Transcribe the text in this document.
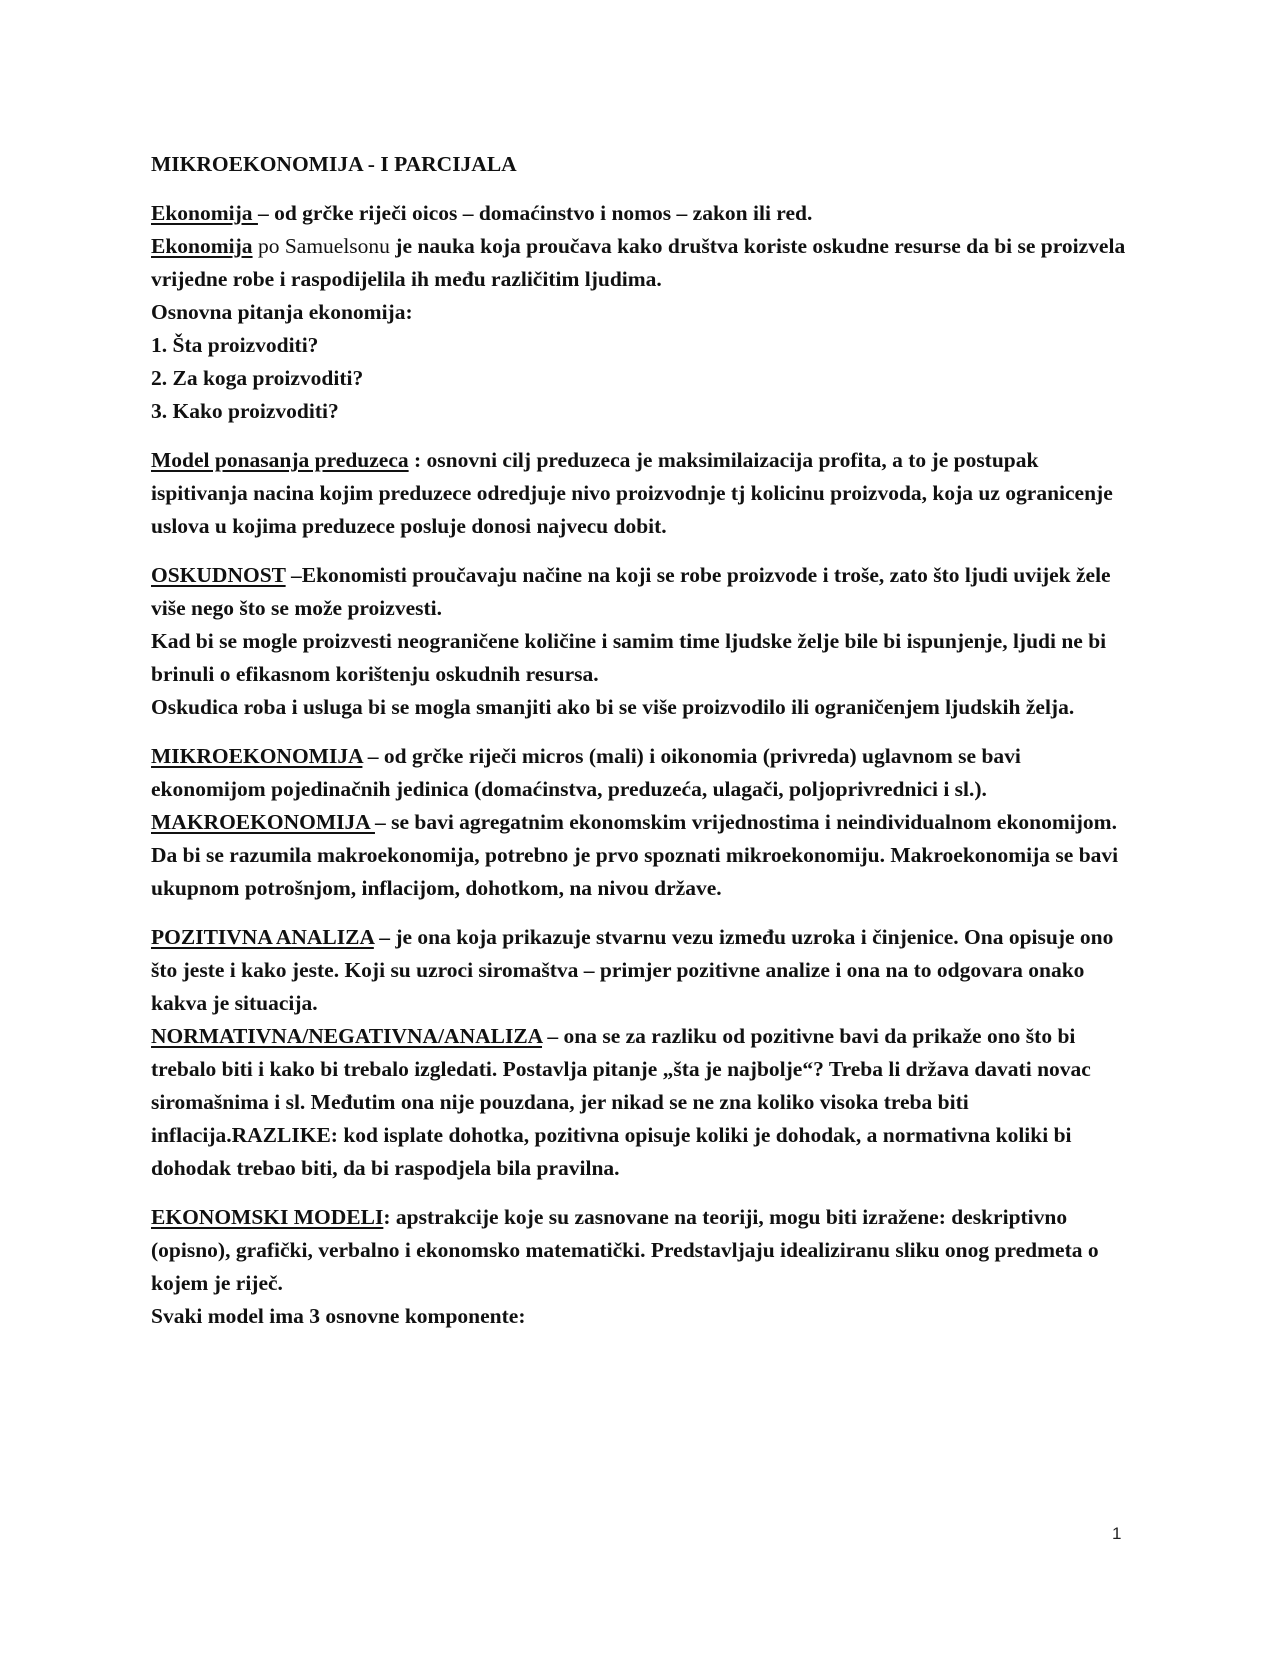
MIKROEKONOMIJA - I PARCIJALA

Ekonomija – od grčke riječi oicos – domaćinstvo i nomos – zakon ili red.

Ekonomija po Samuelsonu je nauka koja proučava kako društva koriste oskudne resurse da bi se proizvela vrijedne robe i raspodijelila ih među različitim ljudima.

Osnovna pitanja ekonomija:

1. Šta proizvoditi?

2. Za koga proizvoditi?

3. Kako proizvoditi?

Model ponasanja preduzeca : osnovni cilj preduzeca je maksimilaizacija profita, a to je postupak ispitivanja nacina kojim preduzece odredjuje nivo proizvodnje tj kolicinu proizvoda, koja uz ogranicenje uslova u kojima preduzece posluje donosi najvecu dobit.

OSKUDNOST –Ekonomisti proučavaju načine na koji se robe proizvode i troše, zato što ljudi uvijek žele više nego što se može proizvesti.

Kad bi se mogle proizvesti neograničene količine i samim time ljudske želje bile bi ispunjenje, ljudi ne bi brinuli o efikasnom korištenju oskudnih resursa.

Oskudica roba i usluga bi se mogla smanjiti ako bi se više proizvodilo ili ograničenjem ljudskih želja.

MIKROEKONOMIJA – od grčke riječi micros (mali) i oikonomia (privreda) uglavnom se bavi ekonomijom pojedinačnih jedinica (domaćinstva, preduzeća, ulagači, poljoprivrednici i sl.).

MAKROEKONOMIJA – se bavi agregatnim ekonomskim vrijednostima i neindividualnom ekonomijom. Da bi se razumila makroekonomija, potrebno je prvo spoznati mikroekonomiju. Makroekonomija se bavi ukupnom potrošnjom, inflacijom, dohotkom, na nivou države.

POZITIVNA ANALIZA – je ona koja prikazuje stvarnu vezu između uzroka i činjenice. Ona opisuje ono što jeste i kako jeste. Koji su uzroci siromaštva – primjer pozitivne analize i ona na to odgovara onako kakva je situacija.

NORMATIVNA/NEGATIVNA/ANALIZA – ona se za razliku od pozitivne bavi da prikaže ono što bi trebalo biti i kako bi trebalo izgledati. Postavlja pitanje „šta je najbolje“? Treba li država davati novac siromašnima i sl. Međutim ona nije pouzdana, jer nikad se ne zna koliko visoka treba biti inflacija.RAZLIKE: kod isplate dohotka, pozitivna opisuje koliki je dohodak, a normativna koliki bi dohodak trebao biti, da bi raspodjela bila pravilna.

EKONOMSKI MODELI: apstrakcije koje su zasnovane na teoriji, mogu biti izražene: deskriptivno (opisno), grafički, verbalno i ekonomsko matematički. Predstavljaju idealiziranu sliku onog predmeta o kojem je riječ.

Svaki model ima 3 osnovne komponente:

1
